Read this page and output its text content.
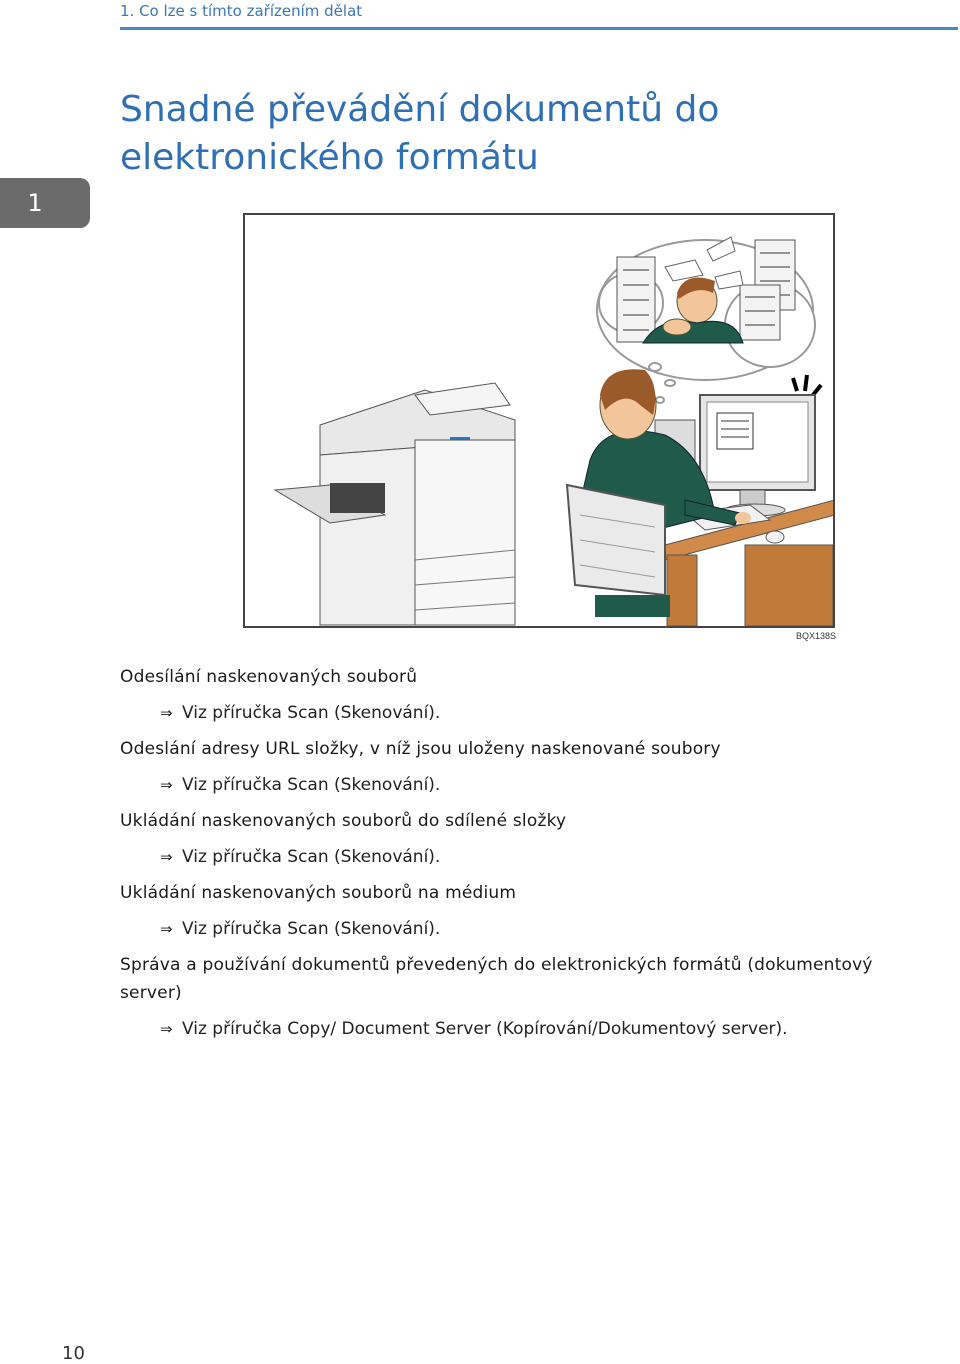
1. Co lze s tímto zařízením dělat
1
Snadné převádění dokumentů do
elektronického formátu
BQX138S
Odesílání naskenovaných souborů
⇒ Viz příručka Scan (Skenování).
Odeslání adresy URL složky, v níž jsou uloženy naskenované soubory
⇒ Viz příručka Scan (Skenování).
Ukládání naskenovaných souborů do sdílené složky
⇒ Viz příručka Scan (Skenování).
Ukládání naskenovaných souborů na médium
⇒ Viz příručka Scan (Skenování).
Správa a používání dokumentů převedených do elektronických formátů (dokumentový server)
⇒ Viz příručka Copy/ Document Server (Kopírování/Dokumentový server).
10
